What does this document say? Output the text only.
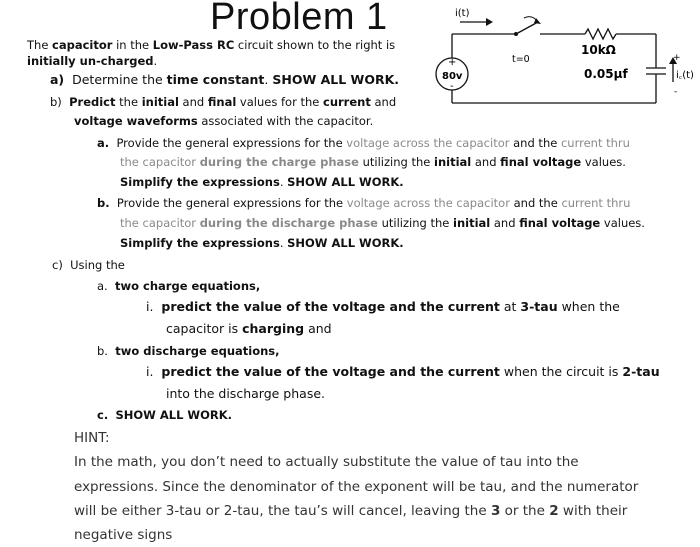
Problem 1
The capacitor in the Low-Pass RC circuit shown to the right is
initially un-charged.
a) Determine the time constant. SHOW ALL WORK.
b) Predict the initial and final values for the current and
voltage waveforms associated with the capacitor.
a. Provide the general expressions for the voltage across the capacitor and the current thru
the capacitor during the charge phase utilizing the initial and final voltage values.
Simplify the expressions. SHOW ALL WORK.
b. Provide the general expressions for the voltage across the capacitor and the current thru
the capacitor during the discharge phase utilizing the initial and final voltage values.
Simplify the expressions. SHOW ALL WORK.
c) Using the
a. two charge equations,
i. predict the value of the voltage and the current at 3-tau when the
capacitor is charging and
b. two discharge equations,
i. predict the value of the voltage and the current when the circuit is 2-tau
into the discharge phase.
c. SHOW ALL WORK.
HINT:
In the math, you don’t need to actually substitute the value of tau into the
expressions. Since the denominator of the exponent will be tau, and the numerator
will be either 3-tau or 2-tau, the tau’s will cancel, leaving the 3 or the 2 with their
negative signs
i(t)
t=0
10kΩ
0.05µf
80v
+
-
i꜀(t)
+
-
